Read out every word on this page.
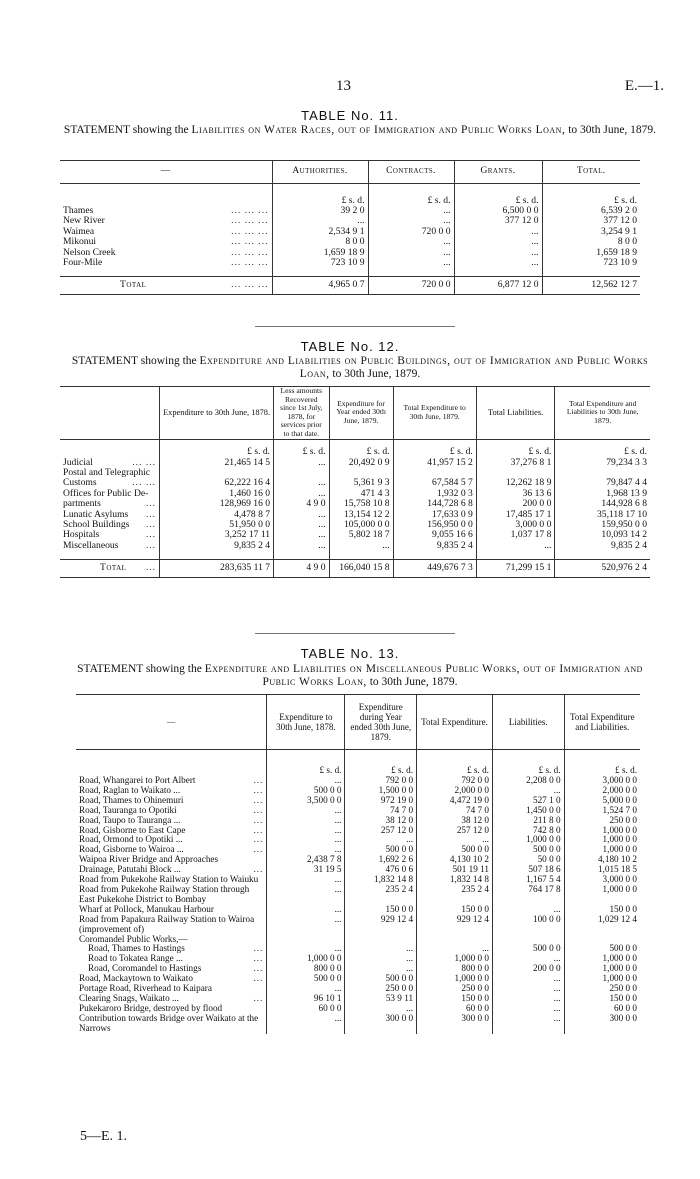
13	E.—1.
TABLE No. 11.
STATEMENT showing the Liabilities on Water Races, out of Immigration and Public Works Loan, to 30th June, 1879.
—	Authorities.	Contracts.	Grants.	Total.
	£ s. d.	£ s. d.	£ s. d.	£ s. d.
Thames ... ... ...	39 2 0	...	6,500 0 0	6,539 2 0
New River ... ... ...	...	...	377 12 0	377 12 0
Waimea ... ... ...	2,534 9 1	720 0 0	...	3,254 9 1
Mikonui ... ... ...	8 0 0	...	...	8 0 0
Nelson Creek ... ... ...	1,659 18 9	...	...	1,659 18 9
Four-Mile ... ... ...	723 10 9	...	...	723 10 9
Total ... ... ...	4,965 0 7	720 0 0	6,877 12 0	12,562 12 7
TABLE No. 12.
STATEMENT showing the Expenditure and Liabilities on Public Buildings, out of Immigration and Public Works Loan, to 30th June, 1879.
	Expenditure to 30th June, 1878.	Less amounts Recovered since 1st July, 1878, for services prior to that date.	Expenditure for Year ended 30th June, 1879.	Total Expenditure to 30th June, 1879.	Total Liabilities.	Total Expenditure and Liabilities to 30th June, 1879.
	£ s. d.	£ s. d.	£ s. d.	£ s. d.	£ s. d.	£ s. d.
Judicial ... ...	21,465 14 5	...	20,492 0 9	41,957 15 2	37,276 8 1	79,234 3 3
Postal and Telegraphic						
Customs ... ...	62,222 16 4	...	5,361 9 3	67,584 5 7	12,262 18 9	79,847 4 4
Offices for Public De-	1,460 16 0	...	471 4 3	1,932 0 3	36 13 6	1,968 13 9
partments ...	128,969 16 0	4 9 0	15,758 10 8	144,728 6 8	200 0 0	144,928 6 8
Lunatic Asylums ...	4,478 8 7	...	13,154 12 2	17,633 0 9	17,485 17 1	35,118 17 10
School Buildings ...	51,950 0 0	...	105,000 0 0	156,950 0 0	3,000 0 0	159,950 0 0
Hospitals ...	3,252 17 11	...	5,802 18 7	9,055 16 6	1,037 17 8	10,093 14 2
Miscellaneous ...	9,835 2 4	...	...	9,835 2 4	...	9,835 2 4
Total ...	283,635 11 7	4 9 0	166,040 15 8	449,676 7 3	71,299 15 1	520,976 2 4
TABLE No. 13.
STATEMENT showing the Expenditure and Liabilities on Miscellaneous Public Works, out of Immigration and Public Works Loan, to 30th June, 1879.
—	Expenditure to 30th June, 1878.	Expenditure during Year ended 30th June, 1879.	Total Expenditure.	Liabilities.	Total Expenditure and Liabilities.
	£ s. d.	£ s. d.	£ s. d.	£ s. d.	£ s. d.
Road, Whangarei to Port Albert ...	...	792 0 0	792 0 0	2,208 0 0	3,000 0 0
Road, Raglan to Waikato ... ...	500 0 0	1,500 0 0	2,000 0 0	...	2,000 0 0
Road, Thames to Ohinemuri ...	3,500 0 0	972 19 0	4,472 19 0	527 1 0	5,000 0 0
Road, Tauranga to Opotiki ...	...	74 7 0	74 7 0	1,450 0 0	1,524 7 0
Road, Taupo to Tauranga ... ...	...	38 12 0	38 12 0	211 8 0	250 0 0
Road, Gisborne to East Cape ...	...	257 12 0	257 12 0	742 8 0	1,000 0 0
Road, Ormond to Opotiki ... ...	...	...	...	1,000 0 0	1,000 0 0
Road, Gisborne to Wairoa ... ...	...	500 0 0	500 0 0	500 0 0	1,000 0 0
Waipoa River Bridge and Approaches	2,438 7 8	1,692 2 6	4,130 10 2	50 0 0	4,180 10 2
Drainage, Patutahi Block ... ...	31 19 5	476 0 6	501 19 11	507 18 6	1,015 18 5
Road from Pukekohe Railway Station to Waiuku	...	1,832 14 8	1,832 14 8	1,167 5 4	3,000 0 0
Road from Pukekohe Railway Station through East Pukekohe District to Bombay	...	235 2 4	235 2 4	764 17 8	1,000 0 0
Wharf at Pollock, Manukau Harbour	...	150 0 0	150 0 0	...	150 0 0
Road from Papakura Railway Station to Wairoa (improvement of)	...	929 12 4	929 12 4	100 0 0	1,029 12 4
Coromandel Public Works,—					
Road, Thames to Hastings ...	...	...	...	500 0 0	500 0 0
Road to Tokatea Range ... ...	1,000 0 0	...	1,000 0 0	...	1,000 0 0
Road, Coromandel to Hastings ...	800 0 0	...	800 0 0	200 0 0	1,000 0 0
Road, Mackaytown to Waikato ...	500 0 0	500 0 0	1,000 0 0	...	1,000 0 0
Portage Road, Riverhead to Kaipara	...	250 0 0	250 0 0	...	250 0 0
Clearing Snags, Waikato ... ...	96 10 1	53 9 11	150 0 0	...	150 0 0
Pukekaroro Bridge, destroyed by flood	60 0 0	...	60 0 0	...	60 0 0
Contribution towards Bridge over Waikato at the Narrows	...	300 0 0	300 0 0	...	300 0 0
5—E. 1.
